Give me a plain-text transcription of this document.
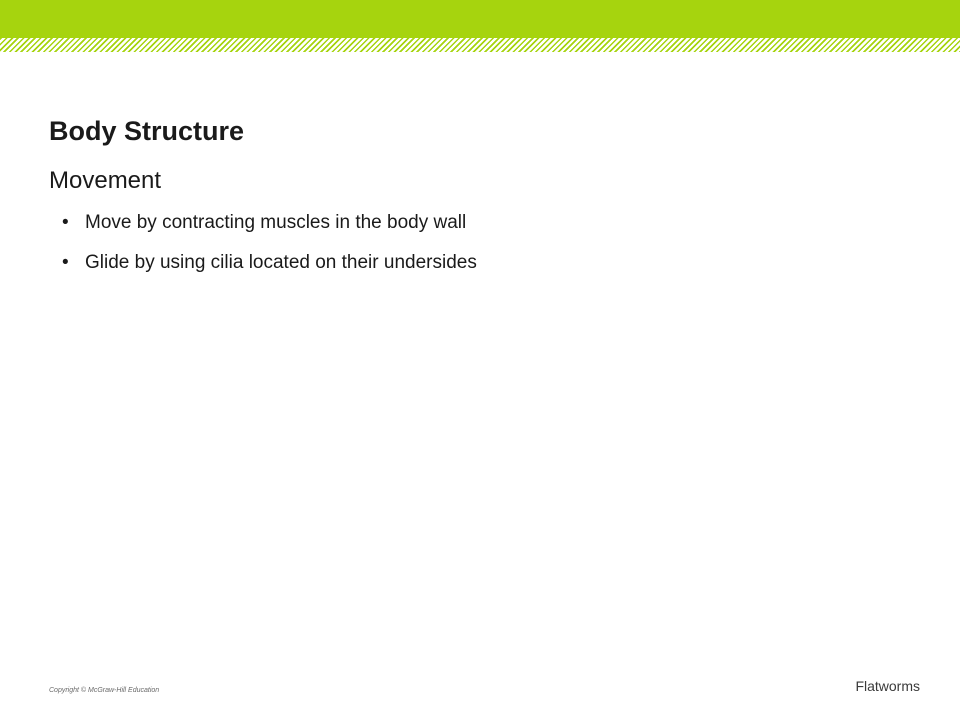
Body Structure
Movement
• Move by contracting muscles in the body wall
• Glide by using cilia located on their undersides
Copyright © McGraw-Hill Education	Flatworms
